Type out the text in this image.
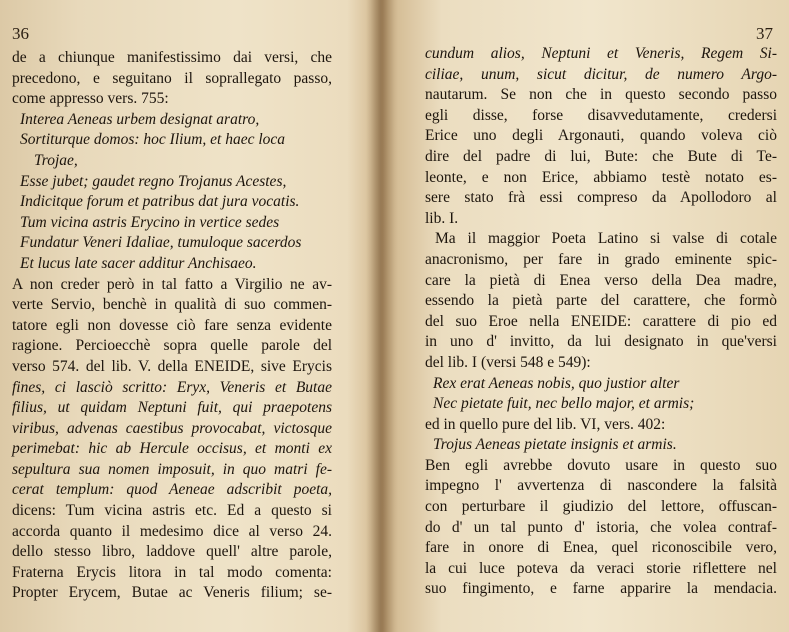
36
de a chiunque manifestissimo dai versi, che
precedono, e seguitano il soprallegato passo,
come appresso vers. 755:
Interea Aeneas urbem designat aratro,
Sortiturque domos: hoc Ilium, et haec loca
Trojae,
Esse jubet; gaudet regno Trojanus Acestes,
Indicitque forum et patribus dat jura vocatis.
Tum vicina astris Erycino in vertice sedes
Fundatur Veneri Idaliae, tumuloque sacerdos
Et lucus late sacer additur Anchisaeo.
A non creder però in tal fatto a Virgilio ne av-
verte Servio, benchè in qualità di suo commen-
tatore egli non dovesse ciò fare senza evidente
ragione. Percioecchè sopra quelle parole del
verso 574. del lib. V. della ENEIDE, sive Erycis
fines, ci lasciò scritto: Eryx, Veneris et Butae
filius, ut quidam Neptuni fuit, qui praepotens
viribus, advenas caestibus provocabat, victosque
perimebat: hic ab Hercule occisus, et monti ex
sepultura sua nomen imposuit, in quo matri fe-
cerat templum: quod Aeneae adscribit poeta,
dicens: Tum vicina astris etc. Ed a questo si
accorda quanto il medesimo dice al verso 24.
dello stesso libro, laddove quell' altre parole,
Fraterna Erycis litora in tal modo comenta:
Propter Erycem, Butae ac Veneris filium; se-
37
cundum alios, Neptuni et Veneris, Regem Si-
ciliae, unum, sicut dicitur, de numero Argo-
nautarum. Se non che in questo secondo passo
egli disse, forse disavvedutamente, credersi
Erice uno degli Argonauti, quando voleva ciò
dire del padre di lui, Bute: che Bute di Te-
leonte, e non Erice, abbiamo testè notato es-
sere stato frà essi compreso da Apollodoro al
lib. I.
Ma il maggior Poeta Latino si valse di cotale
anacronismo, per fare in grado eminente spic-
care la pietà di Enea verso della Dea madre,
essendo la pietà parte del carattere, che formò
del suo Eroe nella ENEIDE: carattere di pio ed
in uno d' invitto, da lui designato in que'versi
del lib. I (versi 548 e 549):
Rex erat Aeneas nobis, quo justior alter
Nec pietate fuit, nec bello major, et armis;
ed in quello pure del lib. VI, vers. 402:
Trojus Aeneas pietate insignis et armis.
Ben egli avrebbe dovuto usare in questo suo
impegno l' avvertenza di nascondere la falsità
con perturbare il giudizio del lettore, offuscan-
do d' un tal punto d' istoria, che volea contraf-
fare in onore di Enea, quel riconoscibile vero,
la cui luce poteva da veraci storie riflettere nel
suo fingimento, e farne apparire la mendacia.
